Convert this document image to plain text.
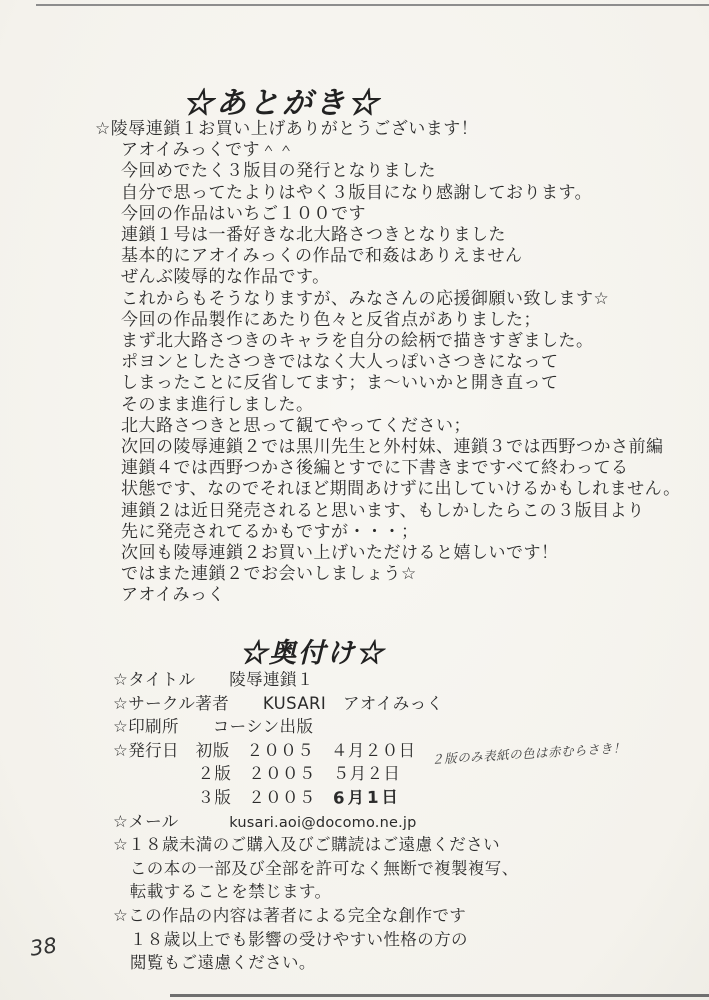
☆あとがき☆
☆陵辱連鎖１お買い上げありがとうございます！
アオイみっくです＾＾
今回めでたく３版目の発行となりました
自分で思ってたよりはやく３版目になり感謝しております。
今回の作品はいちご１００です
連鎖１号は一番好きな北大路さつきとなりました
基本的にアオイみっくの作品で和姦はありえません
ぜんぶ陵辱的な作品です。
これからもそうなりますが、みなさんの応援御願い致します☆
今回の作品製作にあたり色々と反省点がありました；
まず北大路さつきのキャラを自分の絵柄で描きすぎました。
ポヨンとしたさつきではなく大人っぽいさつきになって
しまったことに反省してます；ま～いいかと開き直って
そのまま進行しました。
北大路さつきと思って観てやってください；
次回の陵辱連鎖２では黒川先生と外村妹、連鎖３では西野つかさ前編
連鎖４では西野つかさ後編とすでに下書きまですべて終わってる
状態です、なのでそれほど期間あけずに出していけるかもしれません。
連鎖２は近日発売されると思います、もしかしたらこの３版目より
先に発売されてるかもですが・・・；
次回も陵辱連鎖２お買い上げいただけると嬉しいです！
ではまた連鎖２でお会いしましょう☆
アオイみっく
☆奥付け☆
☆タイトル　　陵辱連鎖１
☆サークル著者　　KUSARI　アオイみっく
☆印刷所　　コーシン出版
☆発行日　初版　２００５　４月２０日
　　　　　２版　２００５　５月２日
　　　　　３版　２００５　6月1日
☆メール　　　kusari.aoi@docomo.ne.jp
☆１８歳未満のご購入及びご購読はご遠慮ください
　この本の一部及び全部を許可なく無断で複製複写、
　転載することを禁じます。
☆この作品の内容は著者による完全な創作です
　１８歳以上でも影響の受けやすい性格の方の
　閲覧もご遠慮ください。
２版のみ表紙の色は赤むらさき！
38
